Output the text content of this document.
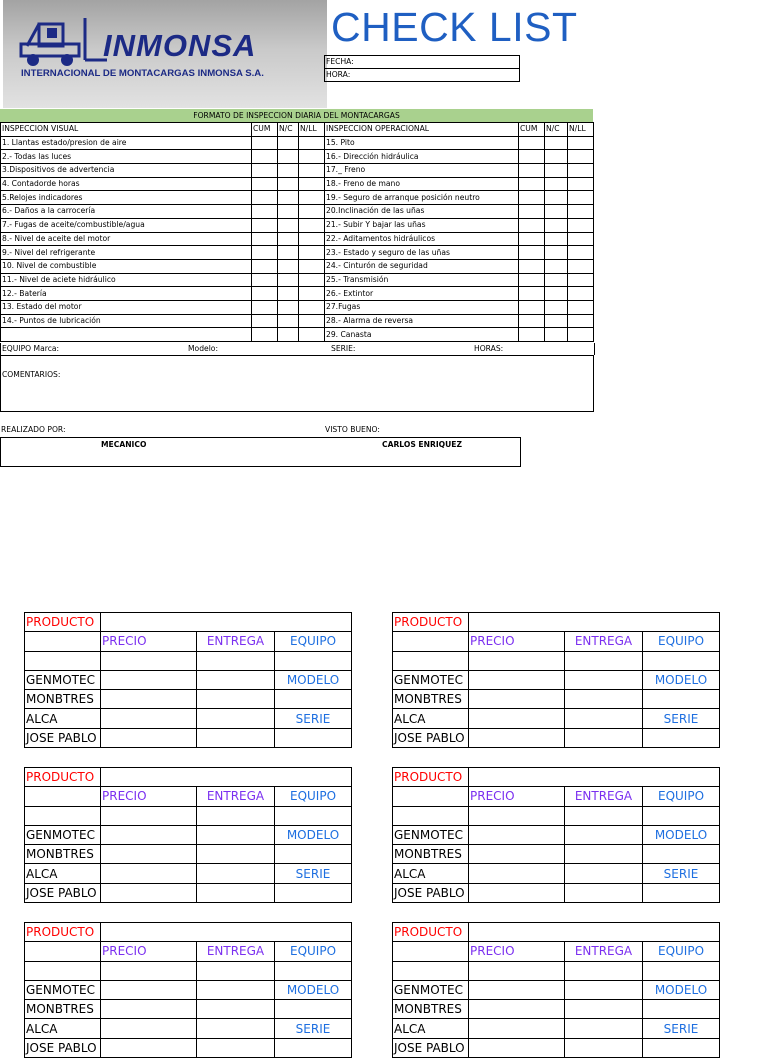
INMONSA
INTERNACIONAL DE MONTACARGAS INMONSA S.A.
CHECK LIST
FECHA:
HORA:
FORMATO DE INSPECCION DIARIA DEL MONTACARGAS
INSPECCION VISUAL	CUM	N/C	N/LL	INSPECCION OPERACIONAL	CUM	N/C	N/LL
1. Llantas estado/presion de aire				15. Pito			
2.- Todas las luces				16.- Dirección hidráulica			
3.Dispositivos de advertencia				17._ Freno			
4. Contadorde horas				18.- Freno de mano			
5.Relojes indicadores				19.- Seguro de arranque posición neutro			
6.- Daños a la carrocería				20.Inclinación de las uñas			
7.- Fugas de aceite/combustible/agua				21.- Subir Y bajar las uñas			
8.- Nivel de aceite del motor				22.- Aditamentos hidráulicos			
9.- Nivel del refrigerante				23.- Estado y seguro de las uñas			
10. Nivel de combustible				24.- Cinturón de seguridad			
11.- Nivel de aciete hidráulico				25.- Transmisión			
12.- Batería				26.- Extintor			
13. Estado del motor				27.Fugas			
14.- Puntos de lubricación				28.- Alarma de reversa			
				29. Canasta			
EQUIPO Marca:	Modelo:	SERIE:	HORAS:
COMENTARIOS:
REALIZADO POR:	VISTO BUENO:
MECANICO	CARLOS ENRIQUEZ
PRODUCTO			
	PRECIO	ENTREGA	EQUIPO

GENMOTEC			MODELO
MONBTRES			
ALCA			SERIE
JOSE PABLO			
PRODUCTO			
	PRECIO	ENTREGA	EQUIPO

GENMOTEC			MODELO
MONBTRES			
ALCA			SERIE
JOSE PABLO			
PRODUCTO			
	PRECIO	ENTREGA	EQUIPO

GENMOTEC			MODELO
MONBTRES			
ALCA			SERIE
JOSE PABLO			
PRODUCTO			
	PRECIO	ENTREGA	EQUIPO

GENMOTEC			MODELO
MONBTRES			
ALCA			SERIE
JOSE PABLO			
PRODUCTO			
	PRECIO	ENTREGA	EQUIPO

GENMOTEC			MODELO
MONBTRES			
ALCA			SERIE
JOSE PABLO			
PRODUCTO			
	PRECIO	ENTREGA	EQUIPO

GENMOTEC			MODELO
MONBTRES			
ALCA			SERIE
JOSE PABLO			
